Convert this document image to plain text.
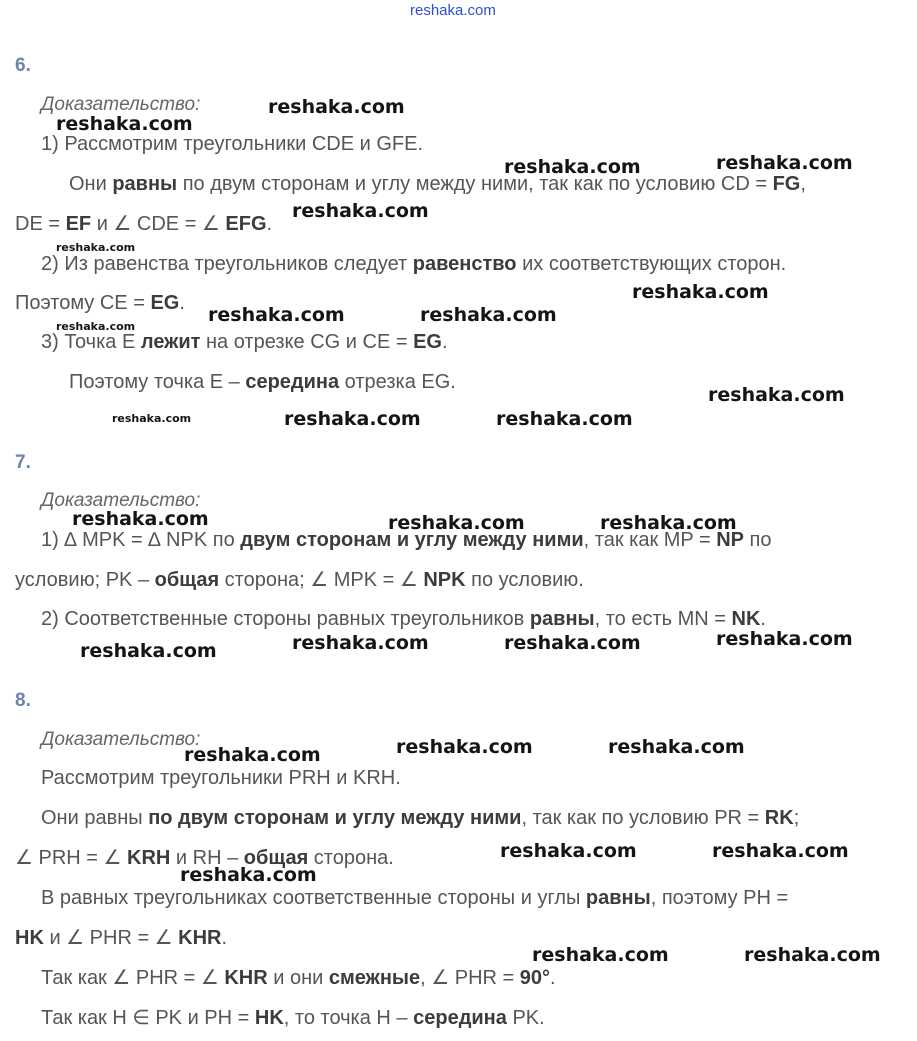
reshaka.com
6.
Доказательство:
1) Рассмотрим треугольники CDE и GFE.
Они равны по двум сторонам и углу между ними, так как по условию CD = FG,
DE = EF и ∠ CDE = ∠ EFG.
2) Из равенства треугольников следует равенство их соответствующих сторон.
Поэтому CE = EG.
3) Точка E лежит на отрезке CG и CE = EG.
Поэтому точка E – середина отрезка EG.
7.
Доказательство:
1) ∆ MPK = ∆ NPK по двум сторонам и углу между ними, так как MP = NP по
условию; PK – общая сторона; ∠ MPK = ∠ NPK по условию.
2) Соответственные стороны равных треугольников равны, то есть MN = NK.
8.
Доказательство:
Рассмотрим треугольники PRH и KRH.
Они равны по двум сторонам и углу между ними, так как по условию PR = RK;
∠ PRH = ∠ KRH и RH – общая сторона.
В равных треугольниках соответственные стороны и углы равны, поэтому PH =
HK и ∠ PHR = ∠ KHR.
Так как ∠ PHR = ∠ KHR и они смежные, ∠ PHR = 90°.
Так как H ∈ PK и PH = HK, то точка H – середина PK.
reshaka.com
reshaka.com
reshaka.com
reshaka.com
reshaka.com
reshaka.com
reshaka.com
reshaka.com	reshaka.com
reshaka.com
reshaka.com
reshaka.com	reshaka.com	reshaka.com
reshaka.com	reshaka.com	reshaka.com
reshaka.com	reshaka.com	reshaka.com
reshaka.com
reshaka.com	reshaka.com
reshaka.com
reshaka.com	reshaka.com
reshaka.com
reshaka.com	reshaka.com
